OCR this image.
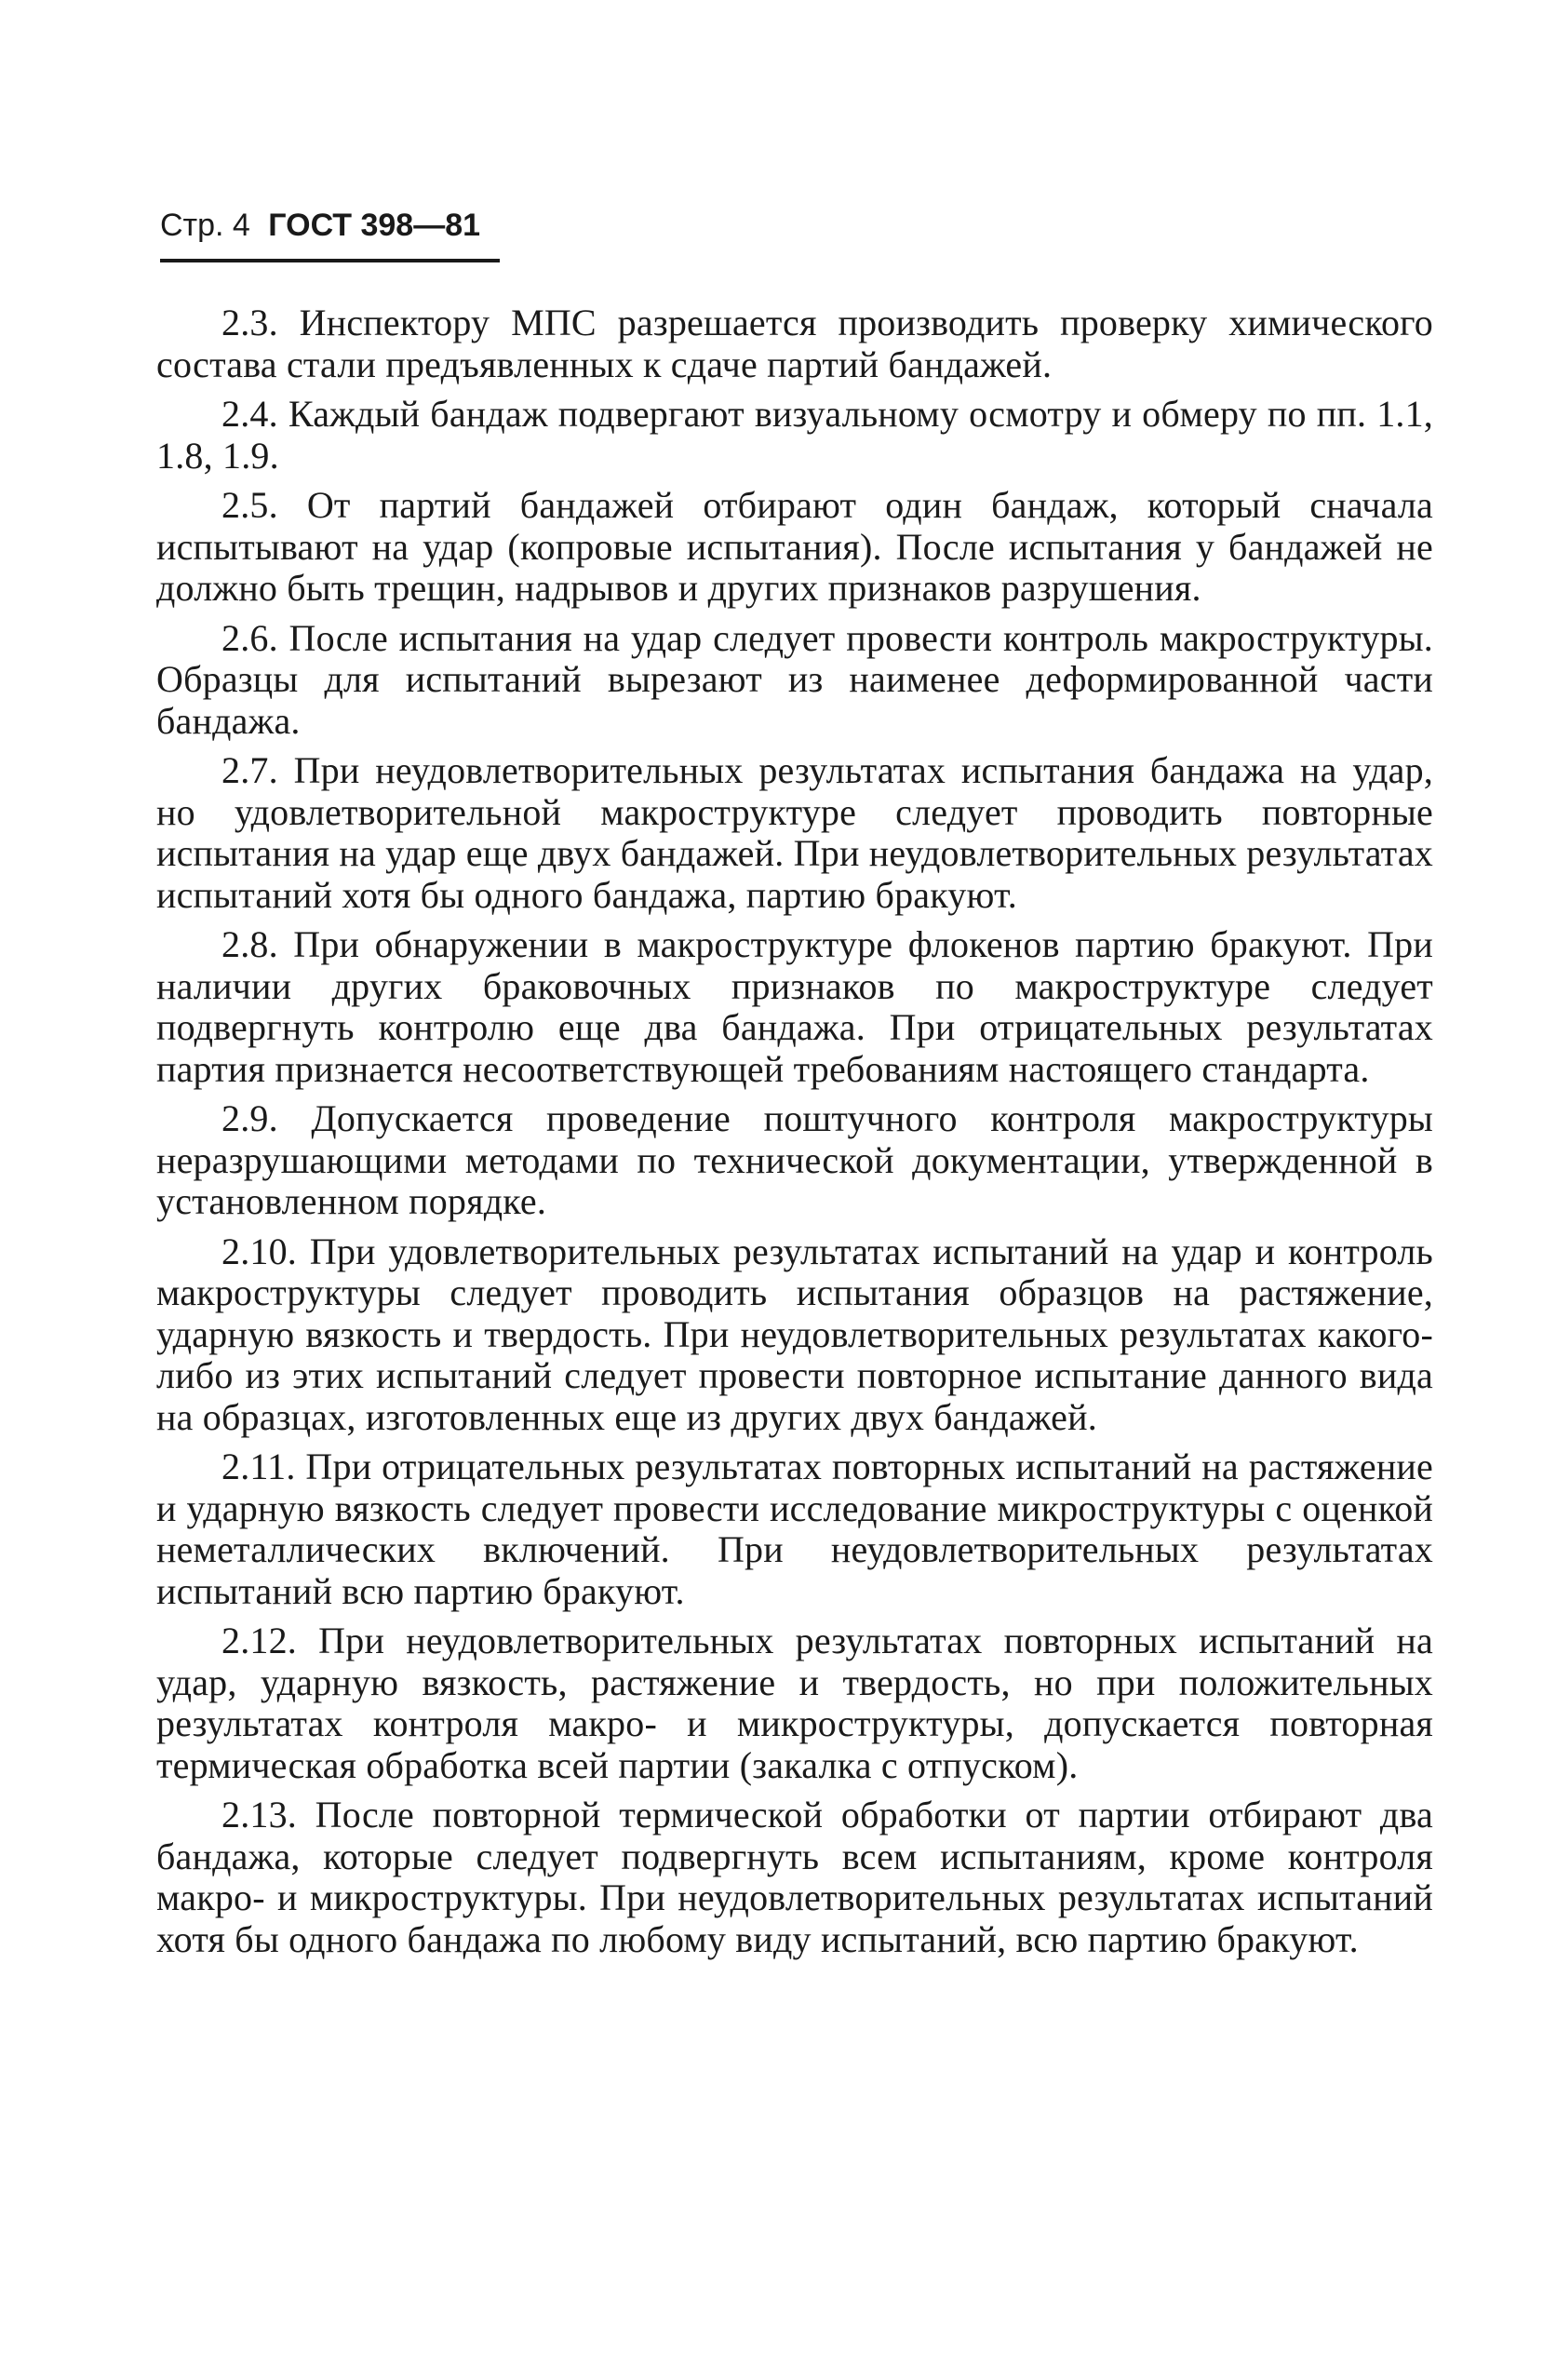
Стр. 4 ГОСТ 398—81

2.3. Инспектору МПС разрешается производить проверку химического состава стали предъявленных к сдаче партий бандажей.

2.4. Каждый бандаж подвергают визуальному осмотру и обмеру по пп. 1.1, 1.8, 1.9.

2.5. От партий бандажей отбирают один бандаж, который сначала испытывают на удар (копровые испытания). После испытания у бандажей не должно быть трещин, надрывов и других признаков разрушения.

2.6. После испытания на удар следует провести контроль макроструктуры. Образцы для испытаний вырезают из наименее деформированной части бандажа.

2.7. При неудовлетворительных результатах испытания бандажа на удар, но удовлетворительной макроструктуре следует проводить повторные испытания на удар еще двух бандажей. При неудовлетворительных результатах испытаний хотя бы одного бандажа, партию бракуют.

2.8. При обнаружении в макроструктуре флокенов партию бракуют. При наличии других браковочных признаков по макроструктуре следует подвергнуть контролю еще два бандажа. При отрицательных результатах партия признается несоответствующей требованиям настоящего стандарта.

2.9. Допускается проведение поштучного контроля макроструктуры неразрушающими методами по технической документации, утвержденной в установленном порядке.

2.10. При удовлетворительных результатах испытаний на удар и контроль макроструктуры следует проводить испытания образцов на растяжение, ударную вязкость и твердость. При неудовлетворительных результатах какого-либо из этих испытаний следует провести повторное испытание данного вида на образцах, изготовленных еще из других двух бандажей.

2.11. При отрицательных результатах повторных испытаний на растяжение и ударную вязкость следует провести исследование микроструктуры с оценкой неметаллических включений. При неудовлетворительных результатах испытаний всю партию бракуют.

2.12. При неудовлетворительных результатах повторных испытаний на удар, ударную вязкость, растяжение и твердость, но при положительных результатах контроля макро- и микроструктуры, допускается повторная термическая обработка всей партии (закалка с отпуском).

2.13. После повторной термической обработки от партии отбирают два бандажа, которые следует подвергнуть всем испытаниям, кроме контроля макро- и микроструктуры. При неудовлетворительных результатах испытаний хотя бы одного бандажа по любому виду испытаний, всю партию бракуют.
